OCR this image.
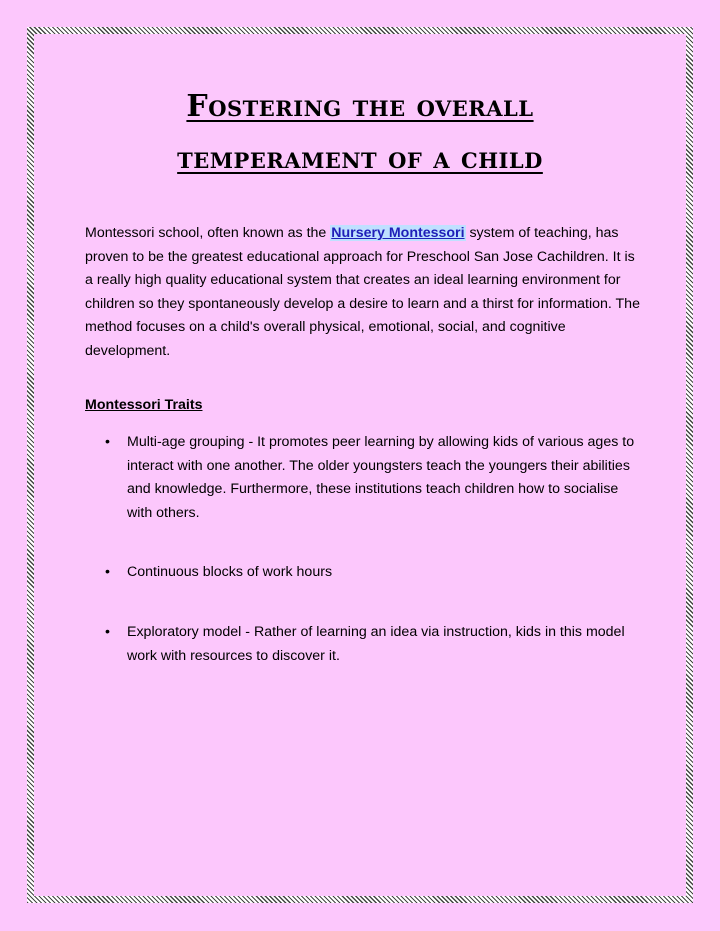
Fostering the overall
temperament of a child
Montessori school, often known as the Nursery Montessori system of teaching, has proven to be the greatest educational approach for Preschool San Jose Cachildren. It is a really high quality educational system that creates an ideal learning environment for children so they spontaneously develop a desire to learn and a thirst for information. The method focuses on a child's overall physical, emotional, social, and cognitive development.
Montessori Traits
•	Multi-age grouping - It promotes peer learning by allowing kids of various ages to interact with one another. The older youngsters teach the youngers their abilities and knowledge. Furthermore, these institutions teach children how to socialise with others.
•	Continuous blocks of work hours
•	Exploratory model - Rather of learning an idea via instruction, kids in this model work with resources to discover it.
